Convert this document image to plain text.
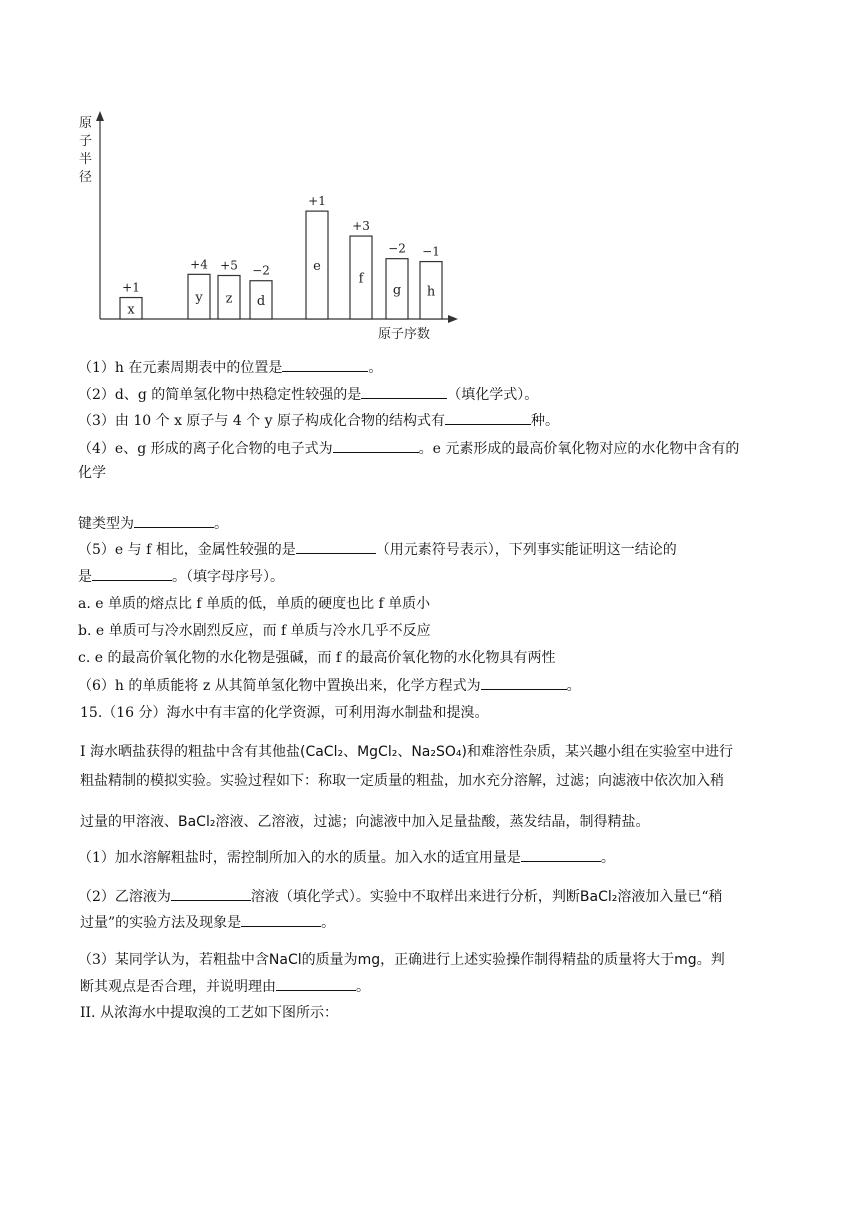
原
子
半
径
原子序数
x
+1
y
+4
z
+5
d
−2	e
+1
f
+3
g
−2
h
−1
（1）h 在元素周期表中的位置是	。
（2）d、g 的简单氢化物中热稳定性较强的是	（填化学式）。
（3）由 10 个 x 原子与 4 个 y 原子构成化合物的结构式有	种。
（4）e、g 形成的离子化合物的电子式为	。e 元素形成的最高价氧化物对应的水化物中含有的
化学
键类型为	。
（5）e 与 f 相比，金属性较强的是	（用元素符号表示），下列事实能证明这一结论的
是	。（填字母序号）。
a. e 单质的熔点比 f 单质的低，单质的硬度也比 f 单质小
b. e 单质可与冷水剧烈反应，而 f 单质与冷水几乎不反应
c. e 的最高价氧化物的水化物是强碱，而 f 的最高价氧化物的水化物具有两性
（6）h 的单质能将 z 从其简单氢化物中置换出来，化学方程式为	。
15.（16 分）海水中有丰富的化学资源，可利用海水制盐和提溴。
I 海水晒盐获得的粗盐中含有其他盐(CaCl₂、MgCl₂、Na₂SO₄)和难溶性杂质，某兴趣小组在实验室中进行
粗盐精制的模拟实验。实验过程如下：称取一定质量的粗盐，加水充分溶解，过滤；向滤液中依次加入稍
过量的甲溶液、BaCl₂溶液、乙溶液，过滤；向滤液中加入足量盐酸，蒸发结晶，制得精盐。
（1）加水溶解粗盐时，需控制所加入的水的质量。加入水的适宜用量是	。
（2）乙溶液为	溶液（填化学式）。实验中不取样出来进行分析，判断BaCl₂溶液加入量已“稍
过量”的实验方法及现象是	。
（3）某同学认为，若粗盐中含NaCl的质量为mg，正确进行上述实验操作制得精盐的质量将大于mg。判
断其观点是否合理，并说明理由	。
II. 从浓海水中提取溴的工艺如下图所示：
